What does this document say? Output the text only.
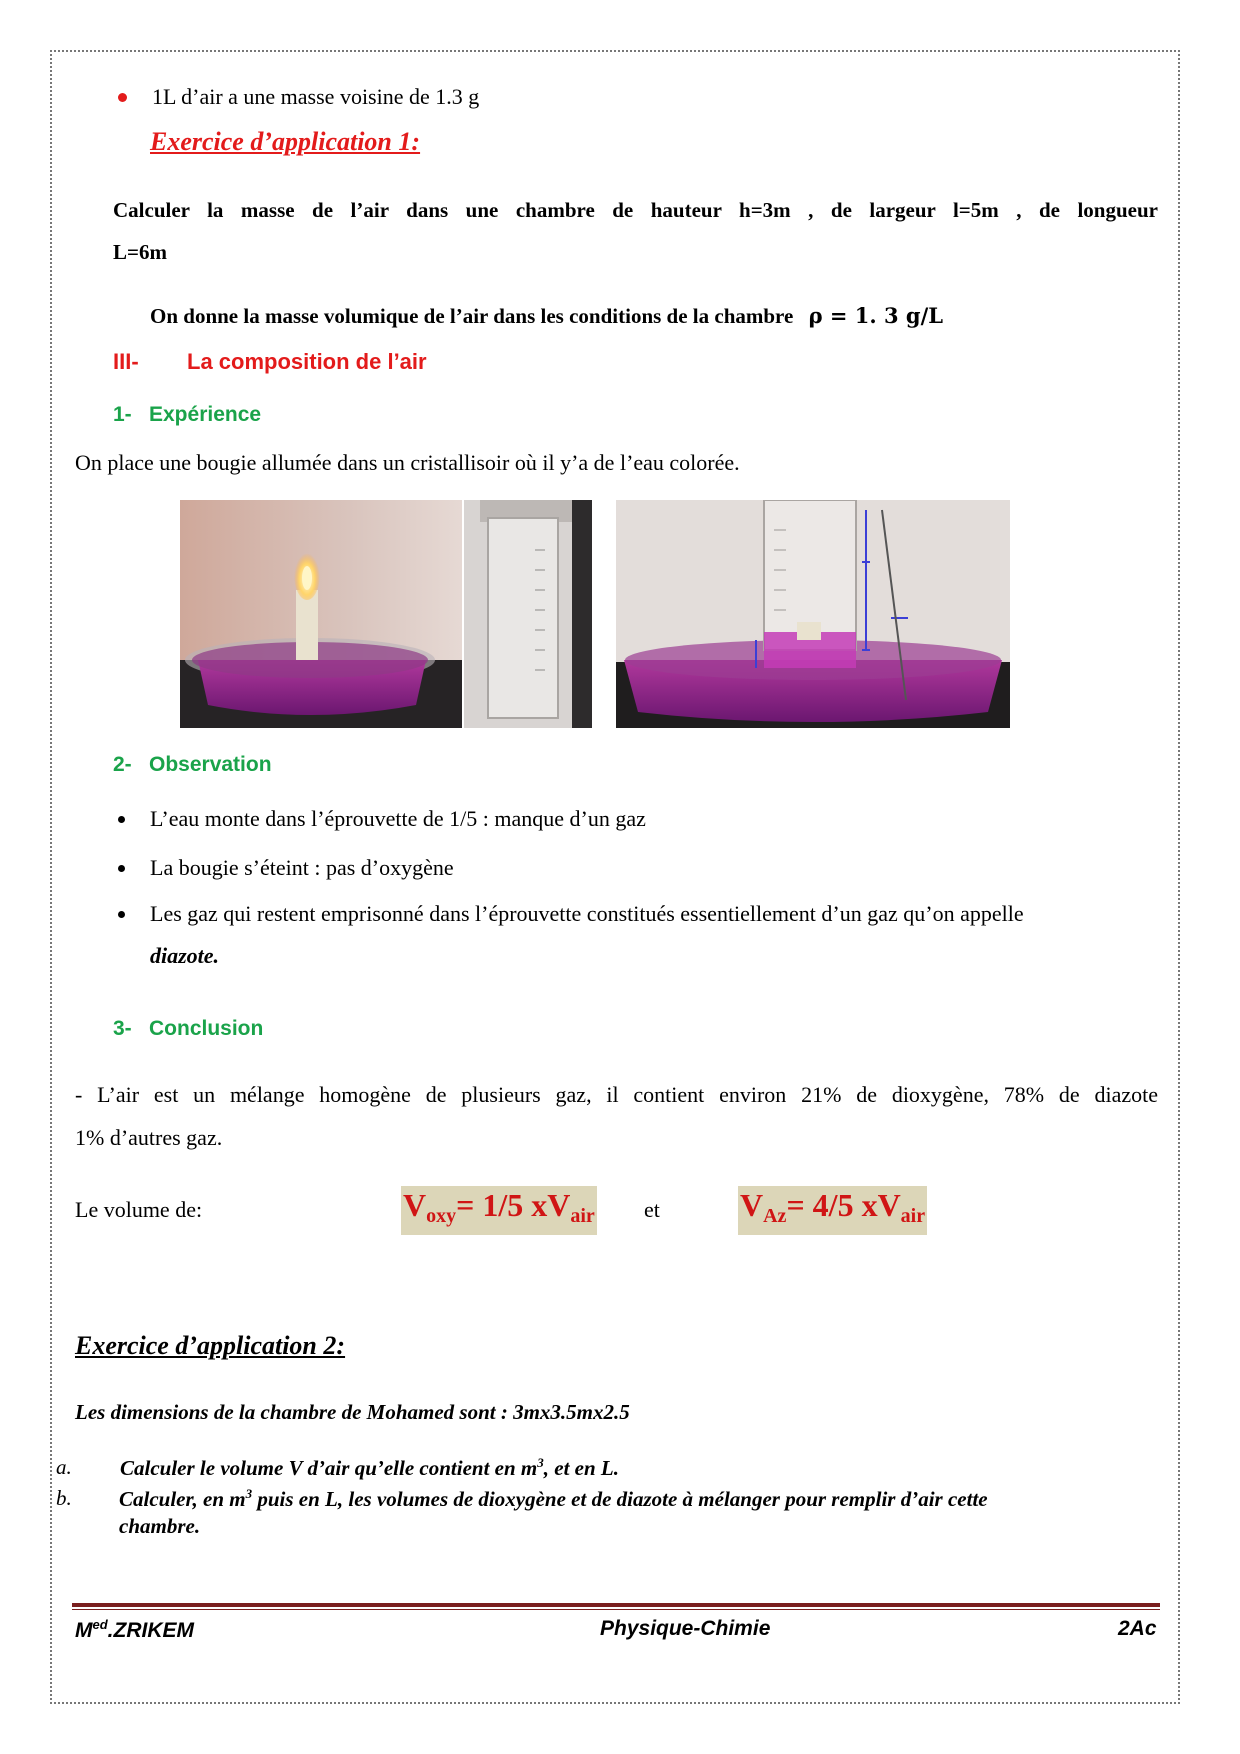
1L d’air a une masse voisine de 1.3 g
Exercice d’application 1:
Calculer la masse de l’air dans une chambre de hauteur h=3m , de largeur l=5m , de longueur
L=6m
On donne la masse volumique de l’air dans les conditions de la chambre ρ = 1. 3 g/L
III- La composition de l’air
1- Expérience
On place une bougie allumée dans un cristallisoir où il y’a de l’eau colorée.
2- Observation
L’eau monte dans l’éprouvette de 1/5 : manque d’un gaz
La bougie s’éteint : pas d’oxygène
Les gaz qui restent emprisonné dans l’éprouvette constitués essentiellement d’un gaz qu’on appelle
diazote.
3- Conclusion
- L’air est un mélange homogène de plusieurs gaz, il contient environ 21% de dioxygène, 78% de diazote
1% d’autres gaz.
Le volume de:	$V_{oxy}= 1/5$ $xV_{air}$ et	$V_{Az}= 4/5$ $xV_{air}$
Exercice d’application 2:
Les dimensions de la chambre de Mohamed sont : 3mx3.5mx2.5
a. Calculer le volume V d’air qu’elle contient en $m^3$, et en L.
b. Calculer, en $m^3$ puis en L, les volumes de dioxygène et de diazote à mélanger pour remplir d’air cette
chambre.
$M^{ed}.ZRIKEM$	Physique-Chimie	2Ac
